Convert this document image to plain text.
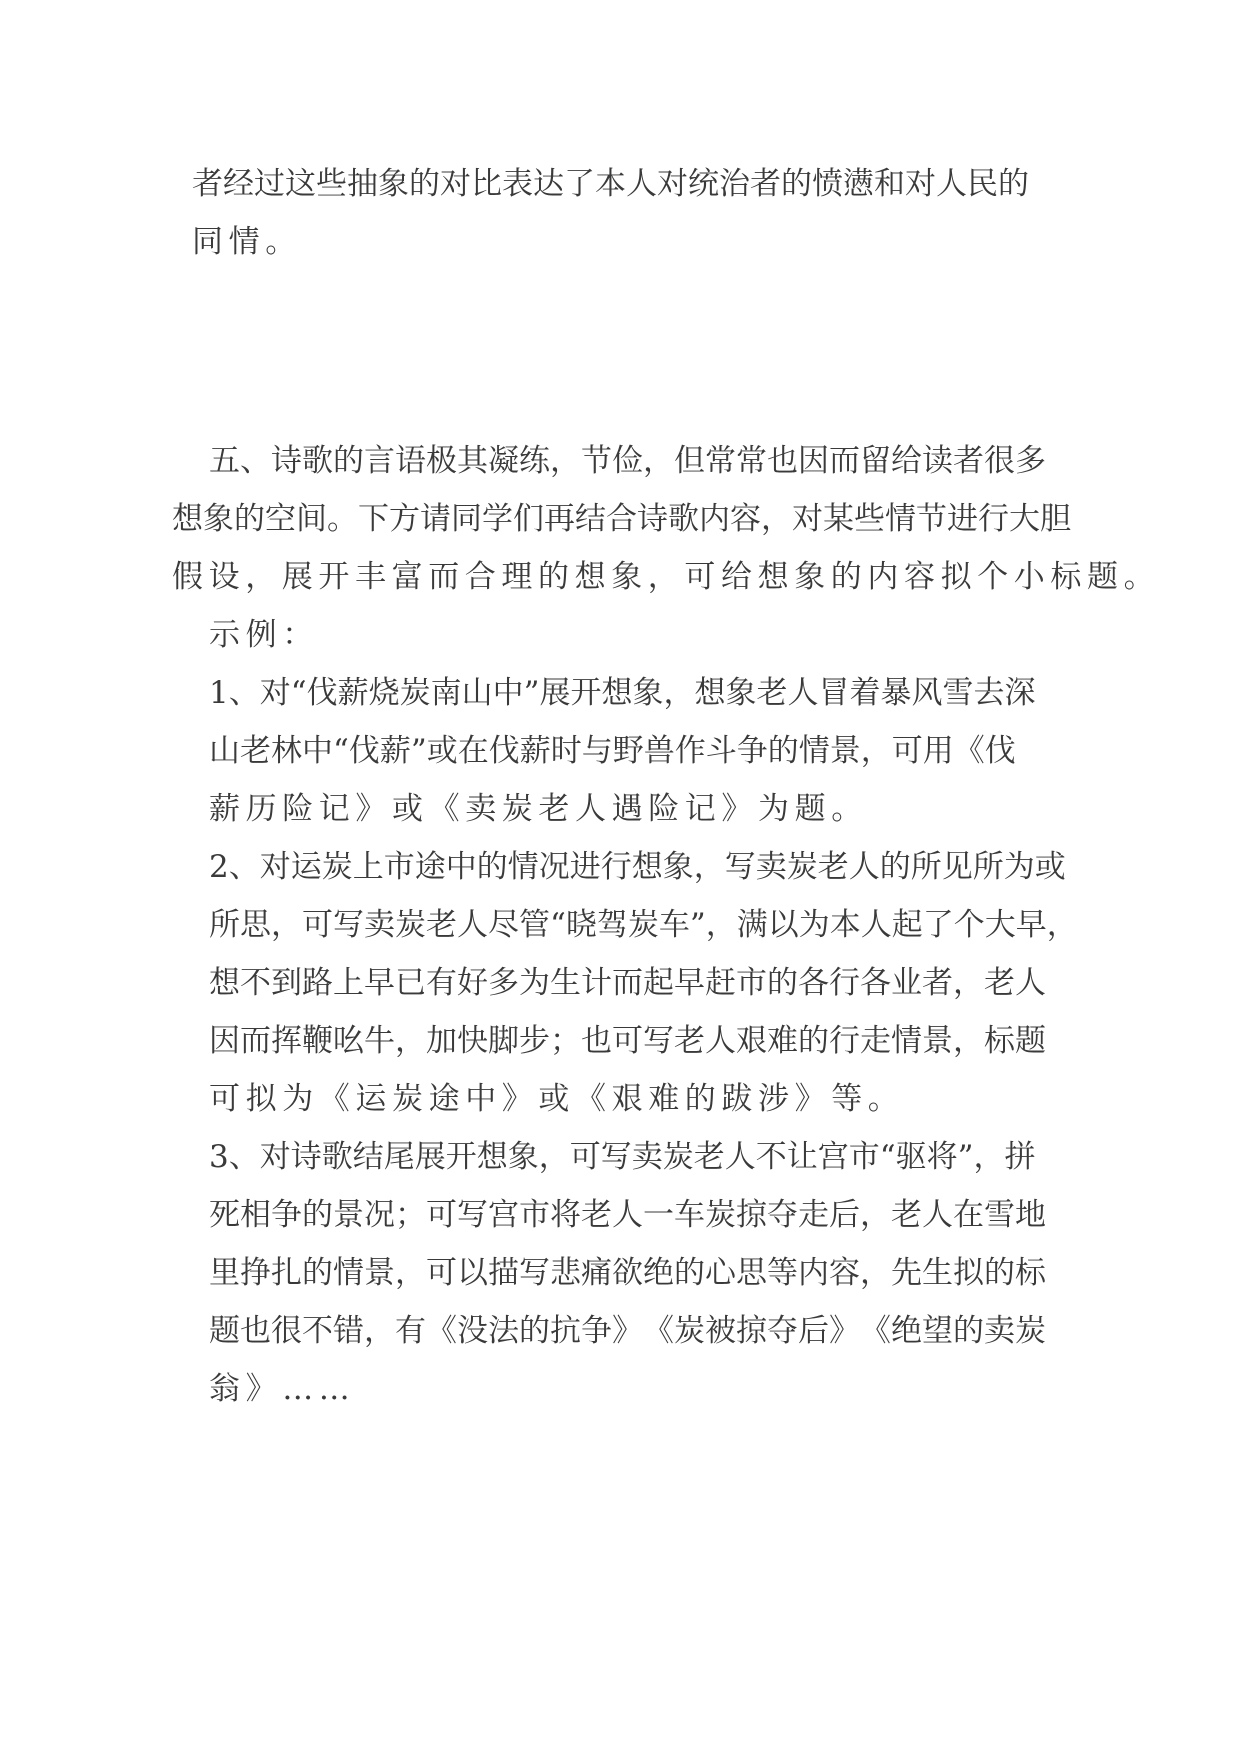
者 经 过 这 些 抽 象 的 对 比 表 达 了 本 人 对 统 治 者 的 愤 懑 和 对 人 民 的
同情。
五 、 诗 歌 的 言 语 极 其 凝 练 ， 节 俭 ， 但 常 常 也 因 而 留 给 读 者 很 多
想 象 的 空 间 。 下 方 请 同 学 们 再 结 合 诗 歌 内 容 ， 对 某 些 情 节 进 行 大 胆
假设，展开丰富而合理的想象，可给想象的内容拟个小标题。
示例：
1 、 对 “ 伐 薪 烧 炭 南 山 中 ” 展 开 想 象 ， 想 象 老 人 冒 着 暴 风 雪 去 深
山 老 林 中 “ 伐 薪 ” 或 在 伐 薪 时 与 野 兽 作 斗 争 的 情 景 ， 可 用 《 伐
薪历险记》或《卖炭老人遇险记》为题。
2 、 对 运 炭 上 市 途 中 的 情 况 进 行 想 象 ， 写 卖 炭 老 人 的 所 见 所 为 或
所 思 ， 可 写 卖 炭 老 人 尽 管 “ 晓 驾 炭 车 ” ， 满 以 为 本 人 起 了 个 大 早 ，
想 不 到 路 上 早 已 有 好 多 为 生 计 而 起 早 赶 市 的 各 行 各 业 者 ， 老 人
因 而 挥 鞭 吆 牛 ， 加 快 脚 步 ； 也 可 写 老 人 艰 难 的 行 走 情 景 ， 标 题
可拟为《运炭途中》或《艰难的跋涉》等。
3 、 对 诗 歌 结 尾 展 开 想 象 ， 可 写 卖 炭 老 人 不 让 宫 市 “ 驱 将 ” ， 拼
死 相 争 的 景 况 ； 可 写 宫 市 将 老 人 一 车 炭 掠 夺 走 后 ， 老 人 在 雪 地
里 挣 扎 的 情 景 ， 可 以 描 写 悲 痛 欲 绝 的 心 思 等 内 容 ， 先 生 拟 的 标
题 也 很 不 错 ， 有 《 没 法 的 抗 争 》 《 炭 被 掠 夺 后 》 《 绝 望 的 卖 炭
翁》……
